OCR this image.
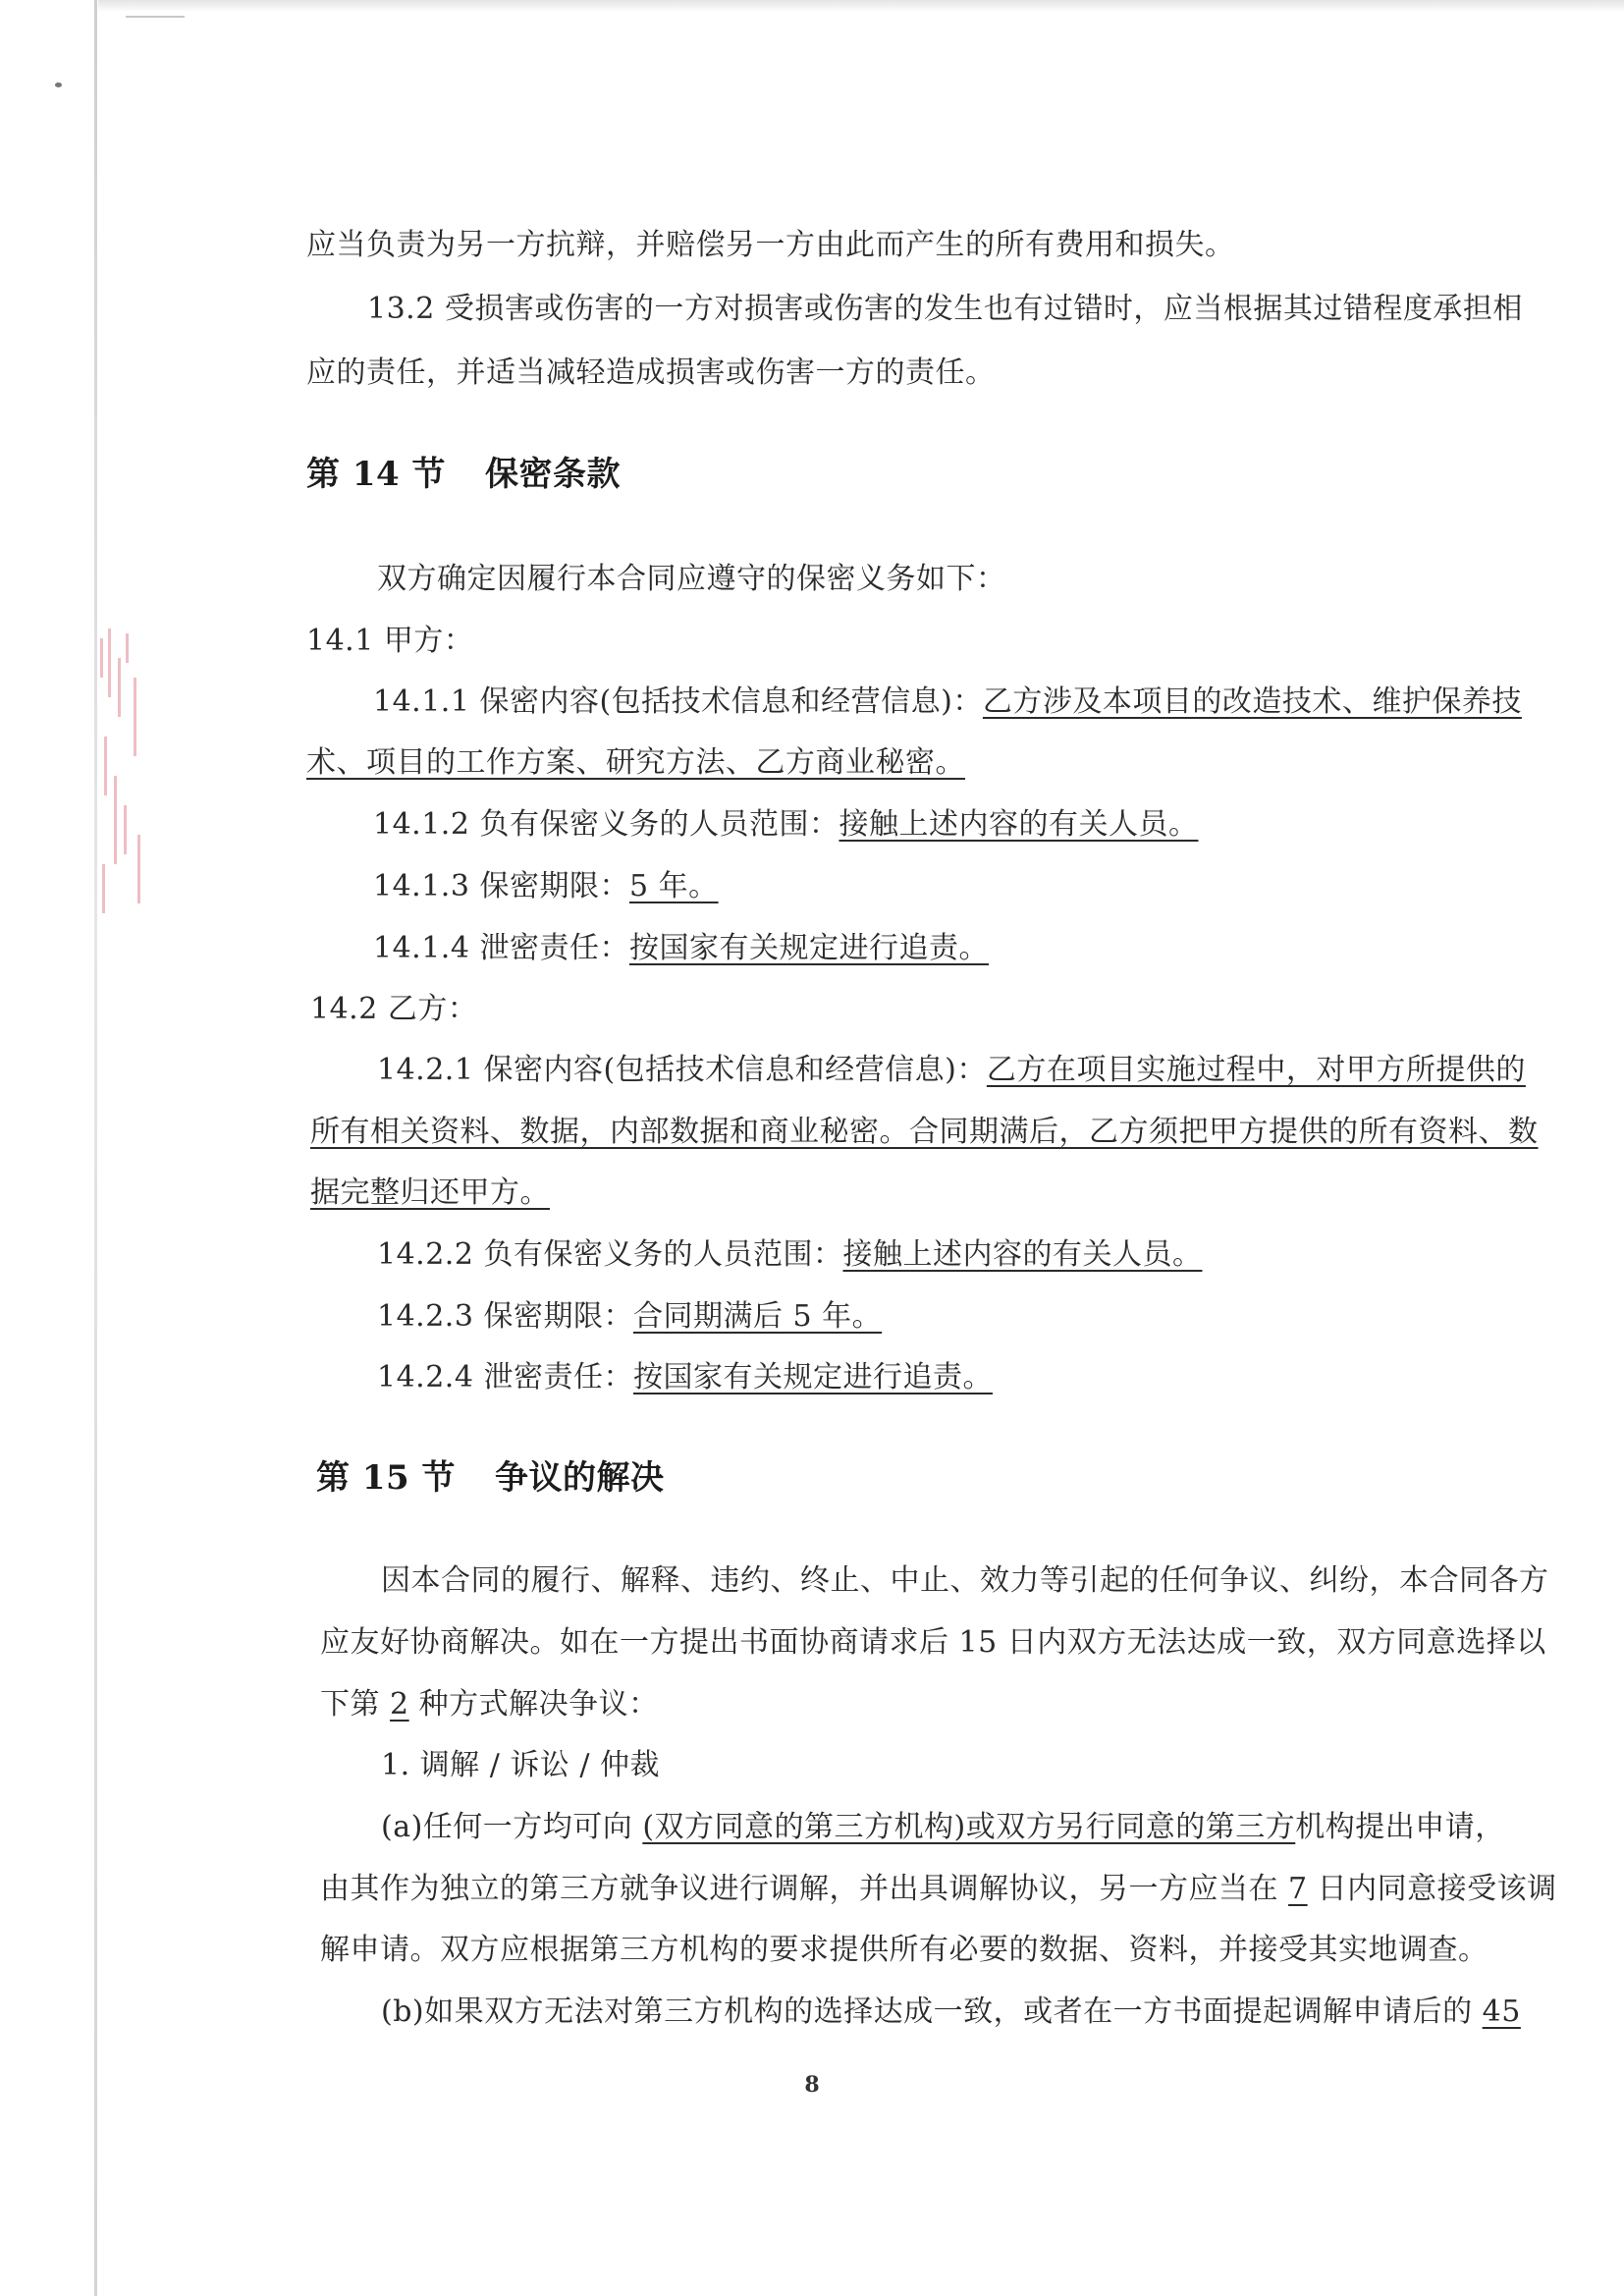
应当负责为另一方抗辩，并赔偿另一方由此而产生的所有费用和损失。
13.2 受损害或伤害的一方对损害或伤害的发生也有过错时，应当根据其过错程度承担相
应的责任，并适当减轻造成损害或伤害一方的责任。
第 14 节 保密条款
双方确定因履行本合同应遵守的保密义务如下：
14.1 甲方：
14.1.1 保密内容(包括技术信息和经营信息)：乙方涉及本项目的改造技术、维护保养技
术、项目的工作方案、研究方法、乙方商业秘密。
14.1.2 负有保密义务的人员范围：接触上述内容的有关人员。
14.1.3 保密期限：5 年。
14.1.4 泄密责任：按国家有关规定进行追责。
14.2 乙方：
14.2.1 保密内容(包括技术信息和经营信息)：乙方在项目实施过程中，对甲方所提供的
所有相关资料、数据，内部数据和商业秘密。合同期满后，乙方须把甲方提供的所有资料、数
据完整归还甲方。
14.2.2 负有保密义务的人员范围：接触上述内容的有关人员。
14.2.3 保密期限：合同期满后 5 年。
14.2.4 泄密责任：按国家有关规定进行追责。
第 15 节 争议的解决
因本合同的履行、解释、违约、终止、中止、效力等引起的任何争议、纠纷，本合同各方
应友好协商解决。如在一方提出书面协商请求后 15 日内双方无法达成一致，双方同意选择以
下第 2 种方式解决争议：
1. 调解 / 诉讼 / 仲裁
(a)任何一方均可向 (双方同意的第三方机构)或双方另行同意的第三方机构提出申请，
由其作为独立的第三方就争议进行调解，并出具调解协议，另一方应当在 7 日内同意接受该调
解申请。双方应根据第三方机构的要求提供所有必要的数据、资料，并接受其实地调查。
(b)如果双方无法对第三方机构的选择达成一致，或者在一方书面提起调解申请后的 45
8
